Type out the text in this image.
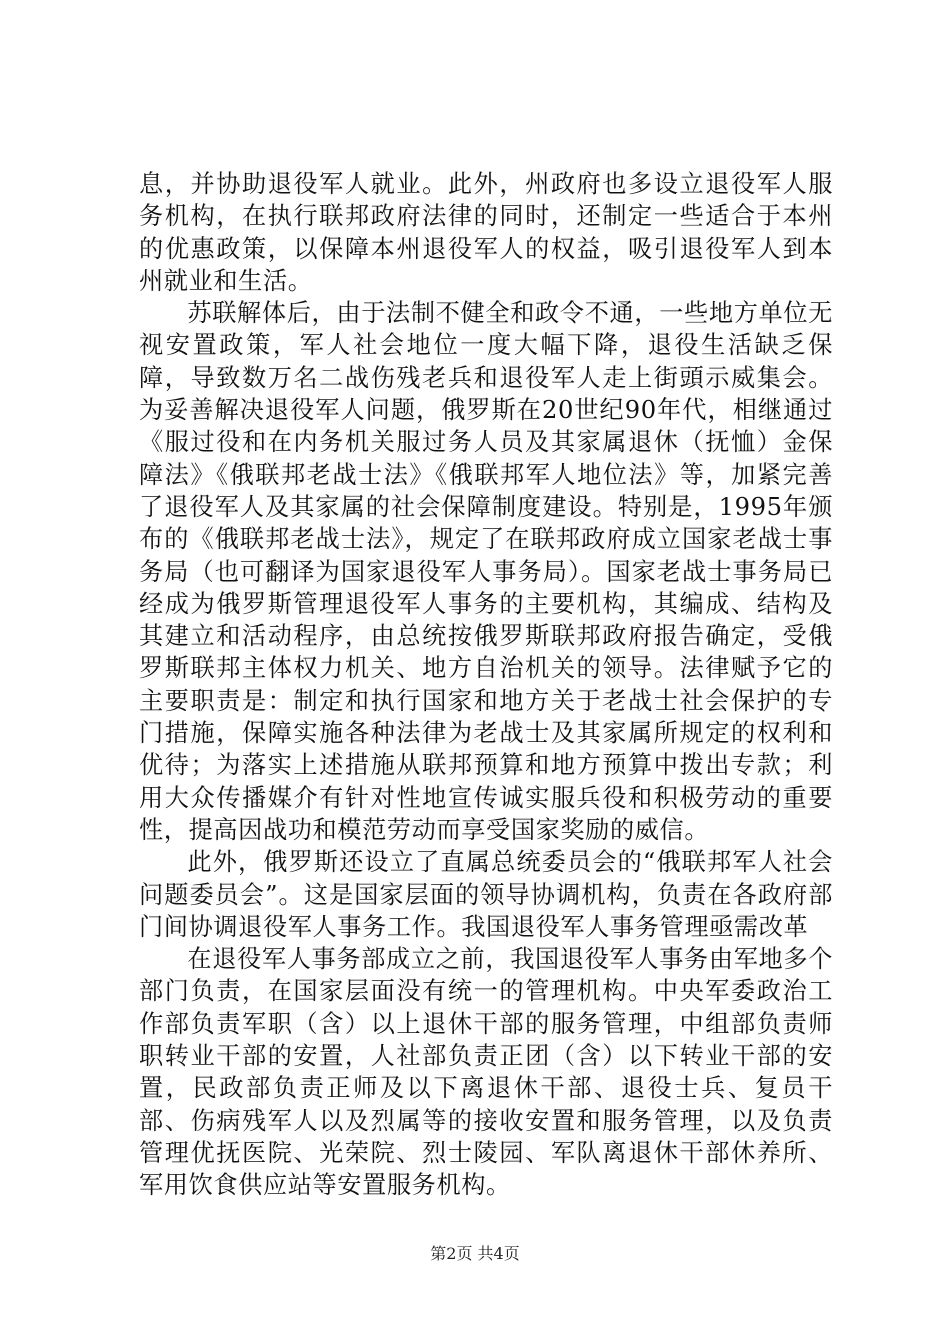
息，并协助退役军人就业。此外，州政府也多设立退役军人服务机构，在执行联邦政府法律的同时，还制定一些适合于本州的优惠政策，以保障本州退役军人的权益，吸引退役军人到本州就业和生活。

苏联解体后，由于法制不健全和政令不通，一些地方单位无视安置政策，军人社会地位一度大幅下降，退役生活缺乏保障，导致数万名二战伤残老兵和退役军人走上街頭示威集会。为妥善解决退役军人问题，俄罗斯在20世纪90年代，相继通过《服过役和在内务机关服过务人员及其家属退休（抚恤）金保障法》《俄联邦老战士法》《俄联邦军人地位法》等，加紧完善了退役军人及其家属的社会保障制度建设。特别是，1995年颁布的《俄联邦老战士法》，规定了在联邦政府成立国家老战士事务局（也可翻译为国家退役军人事务局）。国家老战士事务局已经成为俄罗斯管理退役军人事务的主要机构，其编成、结构及其建立和活动程序，由总统按俄罗斯联邦政府报告确定，受俄罗斯联邦主体权力机关、地方自治机关的领导。法律赋予它的主要职责是：制定和执行国家和地方关于老战士社会保护的专门措施，保障实施各种法律为老战士及其家属所规定的权利和优待；为落实上述措施从联邦预算和地方预算中拨出专款；利用大众传播媒介有针对性地宣传诚实服兵役和积极劳动的重要性，提高因战功和模范劳动而享受国家奖励的威信。

此外，俄罗斯还设立了直属总统委员会的“俄联邦军人社会问题委员会”。这是国家层面的领导协调机构，负责在各政府部门间协调退役军人事务工作。我国退役军人事务管理亟需改革

在退役军人事务部成立之前，我国退役军人事务由军地多个部门负责，在国家层面没有统一的管理机构。中央军委政治工作部负责军职（含）以上退休干部的服务管理，中组部负责师职转业干部的安置，人社部负责正团（含）以下转业干部的安置，民政部负责正师及以下离退休干部、退役士兵、复员干部、伤病残军人以及烈属等的接收安置和服务管理，以及负责管理优抚医院、光荣院、烈士陵园、军队离退休干部休养所、军用饮食供应站等安置服务机构。

第2页 共4页
